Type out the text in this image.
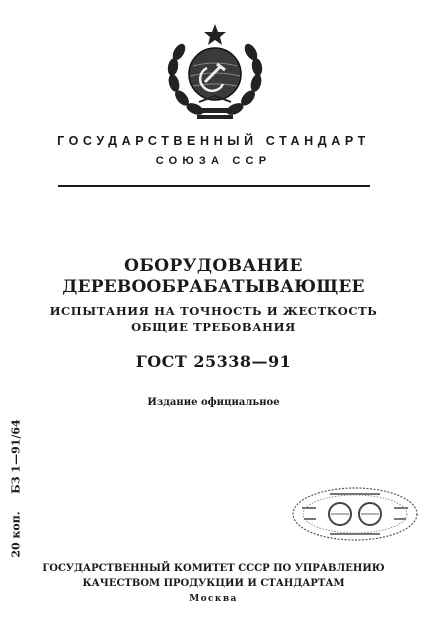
ГОСУДАРСТВЕННЫЙ СТАНДАРТ
СОЮЗА ССР
ОБОРУДОВАНИЕ
ДЕРЕВООБРАБАТЫВАЮЩЕЕ
ИСПЫТАНИЯ НА ТОЧНОСТЬ И ЖЕСТКОСТЬ
ОБЩИЕ ТРЕБОВАНИЯ
ГОСТ 25338—91
Издание официальное
БЗ 1—91/64
20 коп.
ГОСУДАРСТВЕННЫЙ КОМИТЕТ СССР ПО УПРАВЛЕНИЮ
КАЧЕСТВОМ ПРОДУКЦИИ И СТАНДАРТАМ
Москва
